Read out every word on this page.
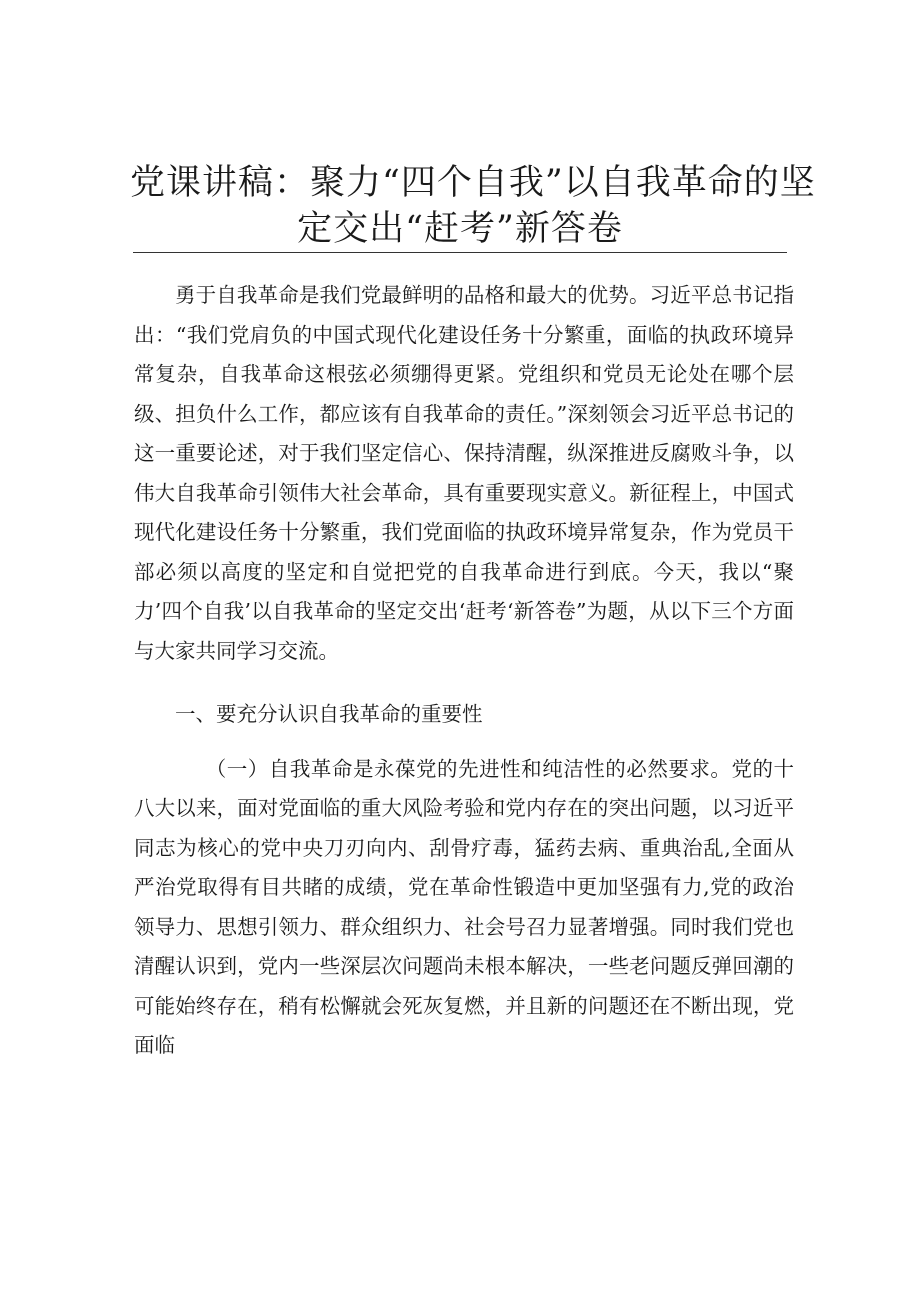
党课讲稿：聚力“四个自我”以自我革命的坚
定交出“赶考”新答卷

勇于自我革命是我们党最鲜明的品格和最大的优势。习近平总书记指出：“我们党肩负的中国式现代化建设任务十分繁重，面临的执政环境异常复杂，自我革命这根弦必须绷得更紧。党组织和党员无论处在哪个层级、担负什么工作，都应该有自我革命的责任。”深刻领会习近平总书记的这一重要论述，对于我们坚定信心、保持清醒，纵深推进反腐败斗争，以伟大自我革命引领伟大社会革命，具有重要现实意义。新征程上，中国式现代化建设任务十分繁重，我们党面临的执政环境异常复杂，作为党员干部必须以高度的坚定和自觉把党的自我革命进行到底。今天，我以“聚力’四个自我’以自我革命的坚定交出‘赶考‘新答卷”为题，从以下三个方面与大家共同学习交流。

一、要充分认识自我革命的重要性

（一）自我革命是永葆党的先进性和纯洁性的必然要求。党的十八大以来，面对党面临的重大风险考验和党内存在的突出问题，以习近平同志为核心的党中央刀刃向内、刮骨疗毒，猛药去病、重典治乱,全面从严治党取得有目共睹的成绩，党在革命性锻造中更加坚强有力,党的政治领导力、思想引领力、群众组织力、社会号召力显著增强。同时我们党也清醒认识到，党内一些深层次问题尚未根本解决，一些老问题反弹回潮的可能始终存在，稍有松懈就会死灰复燃，并且新的问题还在不断出现，党面临
